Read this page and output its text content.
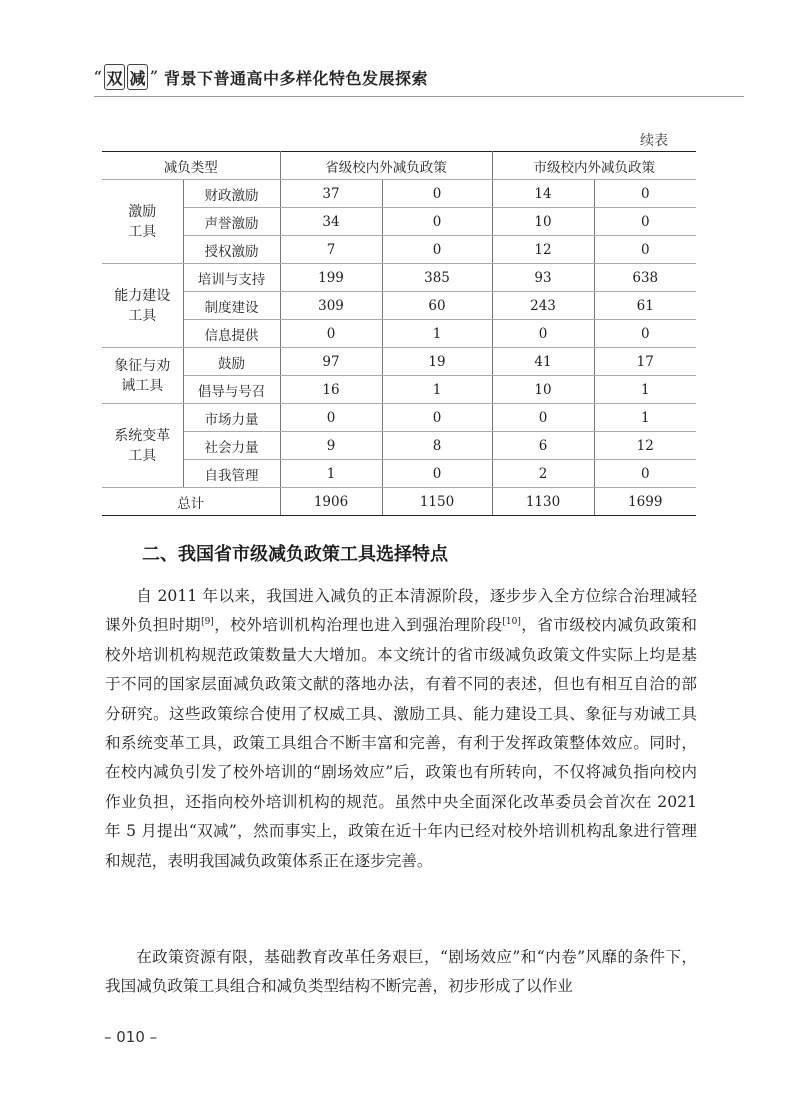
“ 双 减 ” 背景下普通高中多样化特色发展探索
续表
减负类型		省级校内外减负政策		市级校内外减负政策	
激励
工具	财政激励	37	0	14	0
	声誉激励	34	0	10	0
	授权激励	7	0	12	0
能力建设
工具	培训与支持	199	385	93	638
	制度建设	309	60	243	61
	信息提供	0	1	0	0
象征与劝
诫工具	鼓励	97	19	41	17
	倡导与号召	16	1	10	1
系统变革
工具	市场力量	0	0	0	1
	社会力量	9	8	6	12
	自我管理	1	0	2	0
总计		1906	1150	1130	1699
二、我国省市级减负政策工具选择特点

自 2011 年以来，我国进入减负的正本清源阶段，逐步步入全方位综合治理减轻课外负担时期[9]，校外培训机构治理也进入到强治理阶段[10]，省市级校内减负政策和校外培训机构规范政策数量大大增加。本文统计的省市级减负政策文件实际上均是基于不同的国家层面减负政策文献的落地办法，有着不同的表述，但也有相互自洽的部分研究。这些政策综合使用了权威工具、激励工具、能力建设工具、象征与劝诫工具和系统变革工具，政策工具组合不断丰富和完善，有利于发挥政策整体效应。同时，在校内减负引发了校外培训的“剧场效应”后，政策也有所转向，不仅将减负指向校内作业负担，还指向校外培训机构的规范。虽然中央全面深化改革委员会首次在 2021 年 5 月提出“双减”，然而事实上，政策在近十年内已经对校外培训机构乱象进行管理和规范，表明我国减负政策体系正在逐步完善。

在政策资源有限，基础教育改革任务艰巨，“剧场效应”和“内卷”风靡的条件下，我国减负政策工具组合和减负类型结构不断完善，初步形成了以作业

– 010 –
